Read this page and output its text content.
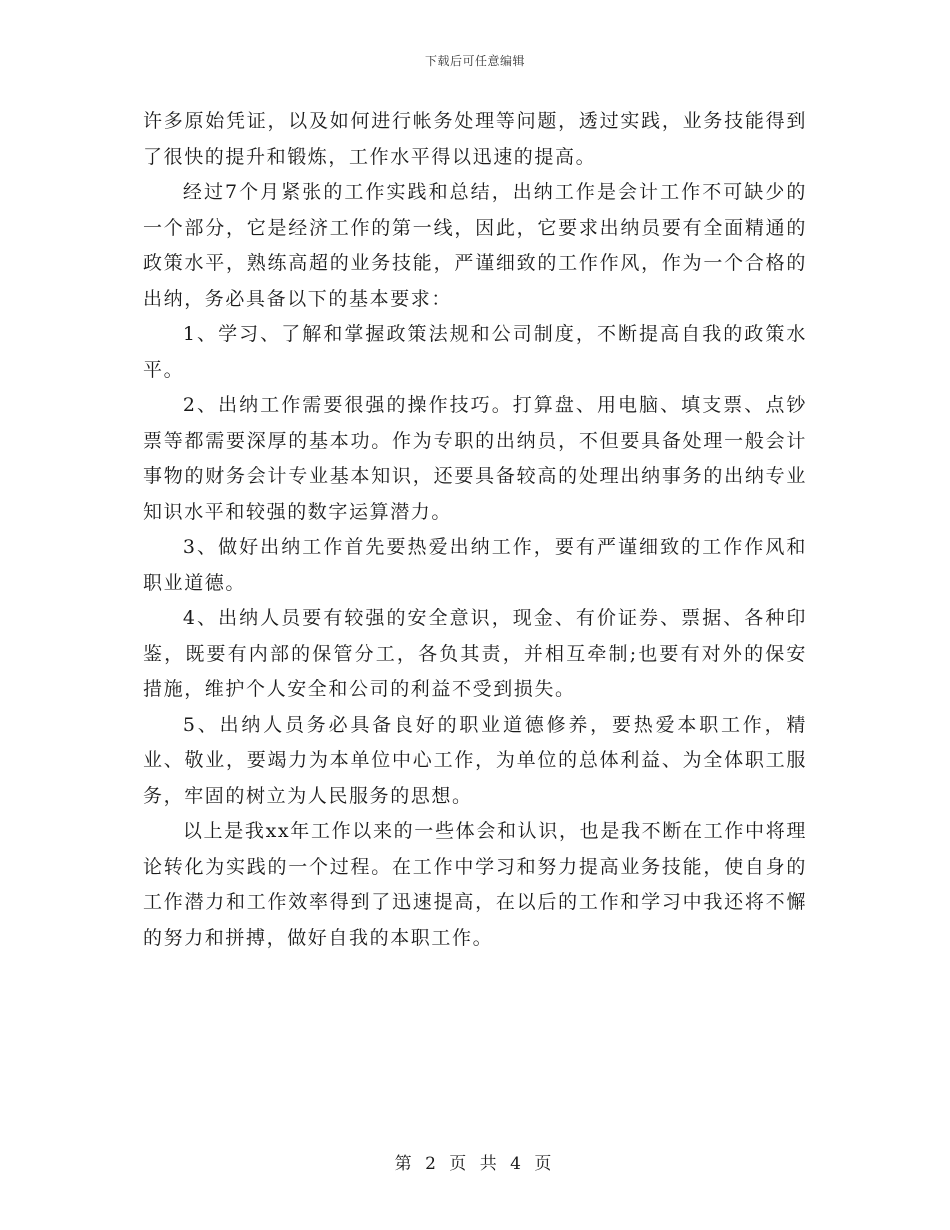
下载后可任意编辑

许多原始凭证，以及如何进行帐务处理等问题，透过实践，业务技能得到了很快的提升和锻炼，工作水平得以迅速的提高。

经过7个月紧张的工作实践和总结，出纳工作是会计工作不可缺少的一个部分，它是经济工作的第一线，因此，它要求出纳员要有全面精通的政策水平，熟练高超的业务技能，严谨细致的工作作风，作为一个合格的出纳，务必具备以下的基本要求：

1、学习、了解和掌握政策法规和公司制度，不断提高自我的政策水平。

2、出纳工作需要很强的操作技巧。打算盘、用电脑、填支票、点钞票等都需要深厚的基本功。作为专职的出纳员，不但要具备处理一般会计事物的财务会计专业基本知识，还要具备较高的处理出纳事务的出纳专业知识水平和较强的数字运算潜力。

3、做好出纳工作首先要热爱出纳工作，要有严谨细致的工作作风和职业道德。

4、出纳人员要有较强的安全意识，现金、有价证券、票据、各种印鉴，既要有内部的保管分工，各负其责，并相互牵制;也要有对外的保安措施，维护个人安全和公司的利益不受到损失。

5、出纳人员务必具备良好的职业道德修养，要热爱本职工作，精业、敬业，要竭力为本单位中心工作，为单位的总体利益、为全体职工服务，牢固的树立为人民服务的思想。

以上是我xx年工作以来的一些体会和认识，也是我不断在工作中将理论转化为实践的一个过程。在工作中学习和努力提高业务技能，使自身的工作潜力和工作效率得到了迅速提高，在以后的工作和学习中我还将不懈的努力和拼搏，做好自我的本职工作。

第 2 页 共 4 页
